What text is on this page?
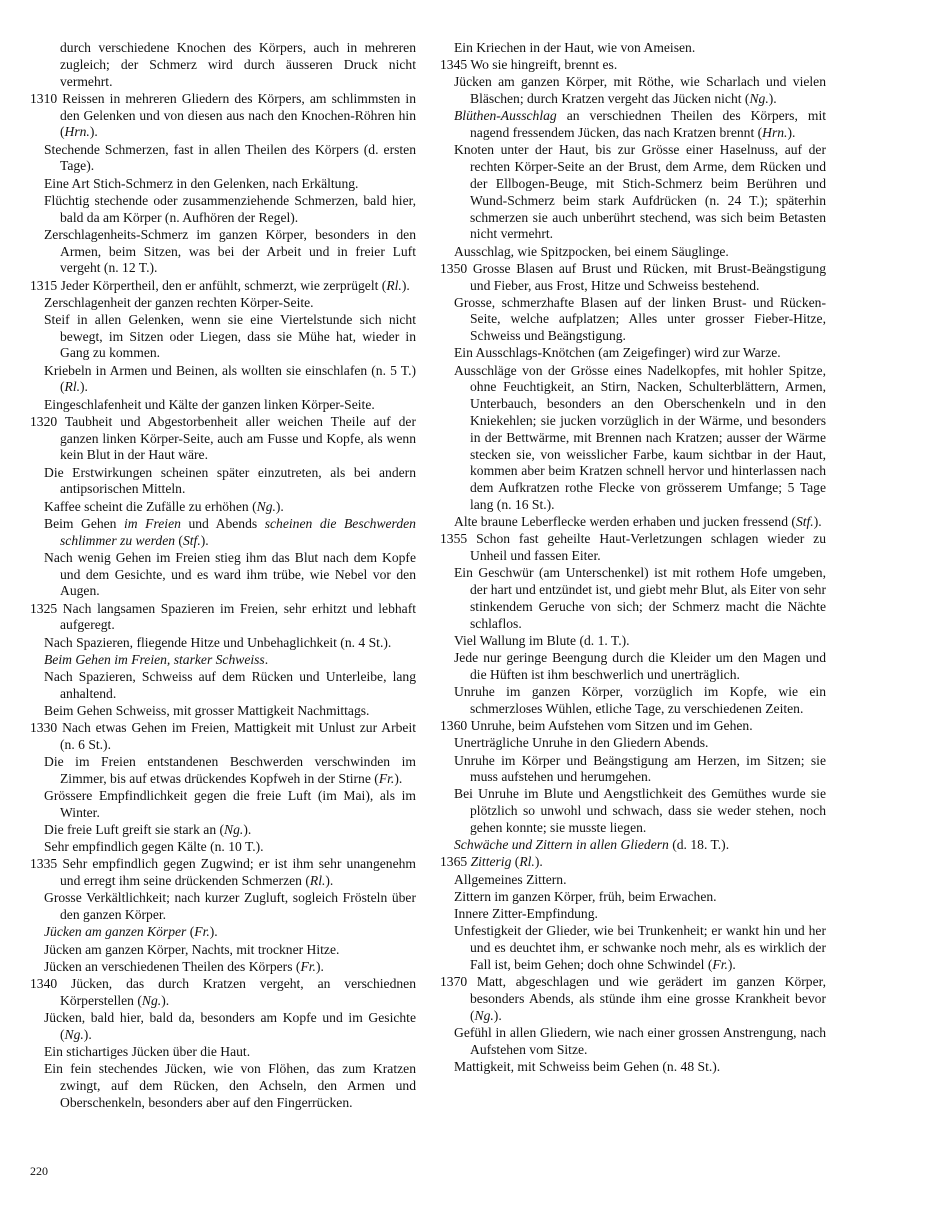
durch verschiedene Knochen des Körpers, auch in mehreren zugleich; der Schmerz wird durch äusseren Druck nicht vermehrt.

1310 Reissen in mehreren Gliedern des Körpers, am schlimmsten in den Gelenken und von diesen aus nach den Knochen-Röhren hin (Hrn.).

Stechende Schmerzen, fast in allen Theilen des Körpers (d. ersten Tage).

Eine Art Stich-Schmerz in den Gelenken, nach Erkältung.

Flüchtig stechende oder zusammenziehende Schmerzen, bald hier, bald da am Körper (n. Aufhören der Regel).

Zerschlagenheits-Schmerz im ganzen Körper, besonders in den Armen, beim Sitzen, was bei der Arbeit und in freier Luft vergeht (n. 12 T.).

1315 Jeder Körpertheil, den er anfühlt, schmerzt, wie zerprügelt (Rl.).

Zerschlagenheit der ganzen rechten Körper-Seite.

Steif in allen Gelenken, wenn sie eine Viertelstunde sich nicht bewegt, im Sitzen oder Liegen, dass sie Mühe hat, wieder in Gang zu kommen.

Kriebeln in Armen und Beinen, als wollten sie einschlafen (n. 5 T.) (Rl.).

Eingeschlafenheit und Kälte der ganzen linken Körper-Seite.

1320 Taubheit und Abgestorbenheit aller weichen Theile auf der ganzen linken Körper-Seite, auch am Fusse und Kopfe, als wenn kein Blut in der Haut wäre.

Die Erstwirkungen scheinen später einzutreten, als bei andern antipsorischen Mitteln.

Kaffee scheint die Zufälle zu erhöhen (Ng.).

Beim Gehen im Freien und Abends scheinen die Beschwerden schlimmer zu werden (Stf.).

Nach wenig Gehen im Freien stieg ihm das Blut nach dem Kopfe und dem Gesichte, und es ward ihm trübe, wie Nebel vor den Augen.

1325 Nach langsamen Spazieren im Freien, sehr erhitzt und lebhaft aufgeregt.

Nach Spazieren, fliegende Hitze und Unbehaglichkeit (n. 4 St.).

Beim Gehen im Freien, starker Schweiss.

Nach Spazieren, Schweiss auf dem Rücken und Unterleibe, lang anhaltend.

Beim Gehen Schweiss, mit grosser Mattigkeit Nachmittags.

1330 Nach etwas Gehen im Freien, Mattigkeit mit Unlust zur Arbeit (n. 6 St.).

Die im Freien entstandenen Beschwerden verschwinden im Zimmer, bis auf etwas drückendes Kopfweh in der Stirne (Fr.).

Grössere Empfindlichkeit gegen die freie Luft (im Mai), als im Winter.

Die freie Luft greift sie stark an (Ng.).

Sehr empfindlich gegen Kälte (n. 10 T.).

1335 Sehr empfindlich gegen Zugwind; er ist ihm sehr unangenehm und erregt ihm seine drückenden Schmerzen (Rl.).

Grosse Verkältlichkeit; nach kurzer Zugluft, sogleich Frösteln über den ganzen Körper.

Jücken am ganzen Körper (Fr.).

Jücken am ganzen Körper, Nachts, mit trockner Hitze.

Jücken an verschiedenen Theilen des Körpers (Fr.).

1340 Jücken, das durch Kratzen vergeht, an verschiednen Körperstellen (Ng.).

Jücken, bald hier, bald da, besonders am Kopfe und im Gesichte (Ng.).

Ein stichartiges Jücken über die Haut.

Ein fein stechendes Jücken, wie von Flöhen, das zum Kratzen zwingt, auf dem Rücken, den Achseln, den Armen und Oberschenkeln, besonders aber auf den Fingerrücken.

Ein Kriechen in der Haut, wie von Ameisen.

1345 Wo sie hingreift, brennt es.

Jücken am ganzen Körper, mit Röthe, wie Scharlach und vielen Bläschen; durch Kratzen vergeht das Jücken nicht (Ng.).

Blüthen-Ausschlag an verschiednen Theilen des Körpers, mit nagend fressendem Jücken, das nach Kratzen brennt (Hrn.).

Knoten unter der Haut, bis zur Grösse einer Haselnuss, auf der rechten Körper-Seite an der Brust, dem Arme, dem Rücken und der Ellbogen-Beuge, mit Stich-Schmerz beim Berühren und Wund-Schmerz beim stark Aufdrücken (n. 24 T.); späterhin schmerzen sie auch unberührt stechend, was sich beim Betasten nicht vermehrt.

Ausschlag, wie Spitzpocken, bei einem Säuglinge.

1350 Grosse Blasen auf Brust und Rücken, mit Brust-Beängstigung und Fieber, aus Frost, Hitze und Schweiss bestehend.

Grosse, schmerzhafte Blasen auf der linken Brust- und Rücken-Seite, welche aufplatzen; Alles unter grosser Fieber-Hitze, Schweiss und Beängstigung.

Ein Ausschlags-Knötchen (am Zeigefinger) wird zur Warze.

Ausschläge von der Grösse eines Nadelkopfes, mit hohler Spitze, ohne Feuchtigkeit, an Stirn, Nacken, Schulterblättern, Armen, Unterbauch, besonders an den Oberschenkeln und in den Kniekehlen; sie jucken vorzüglich in der Wärme, und besonders in der Bettwärme, mit Brennen nach Kratzen; ausser der Wärme stecken sie, von weisslicher Farbe, kaum sichtbar in der Haut, kommen aber beim Kratzen schnell hervor und hinterlassen nach dem Aufkratzen rothe Flecke von grösserem Umfange; 5 Tage lang (n. 16 St.).

Alte braune Leberflecke werden erhaben und jucken fressend (Stf.).

1355 Schon fast geheilte Haut-Verletzungen schlagen wieder zu Unheil und fassen Eiter.

Ein Geschwür (am Unterschenkel) ist mit rothem Hofe umgeben, der hart und entzündet ist, und giebt mehr Blut, als Eiter von sehr stinkendem Geruche von sich; der Schmerz macht die Nächte schlaflos.

Viel Wallung im Blute (d. 1. T.).

Jede nur geringe Beengung durch die Kleider um den Magen und die Hüften ist ihm beschwerlich und unerträglich.

Unruhe im ganzen Körper, vorzüglich im Kopfe, wie ein schmerzloses Wühlen, etliche Tage, zu verschiedenen Zeiten.

1360 Unruhe, beim Aufstehen vom Sitzen und im Gehen.

Unerträgliche Unruhe in den Gliedern Abends.

Unruhe im Körper und Beängstigung am Herzen, im Sitzen; sie muss aufstehen und herumgehen.

Bei Unruhe im Blute und Aengstlichkeit des Gemüthes wurde sie plötzlich so unwohl und schwach, dass sie weder stehen, noch gehen konnte; sie musste liegen.

Schwäche und Zittern in allen Gliedern (d. 18. T.).

1365 Zitterig (Rl.).

Allgemeines Zittern.

Zittern im ganzen Körper, früh, beim Erwachen.

Innere Zitter-Empfindung.

Unfestigkeit der Glieder, wie bei Trunkenheit; er wankt hin und her und es deuchtet ihm, er schwanke noch mehr, als es wirklich der Fall ist, beim Gehen; doch ohne Schwindel (Fr.).

1370 Matt, abgeschlagen und wie gerädert im ganzen Körper, besonders Abends, als stünde ihm eine grosse Krankheit bevor (Ng.).

Gefühl in allen Gliedern, wie nach einer grossen Anstrengung, nach Aufstehen vom Sitze.

Mattigkeit, mit Schweiss beim Gehen (n. 48 St.).

220
